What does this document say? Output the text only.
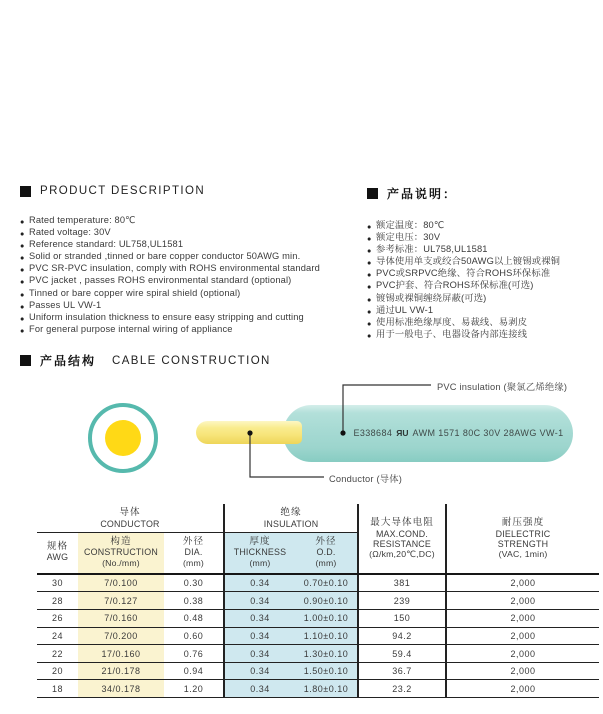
PRODUCT DESCRIPTION
● Rated temperature: 80℃
● Rated voltage: 30V
● Reference standard: UL758,UL1581
● Solid or stranded ,tinned or bare copper conductor 50AWG min.
● PVC SR-PVC insulation, comply with ROHS environmental standard
● PVC jacket , passes ROHS environmental standard (optional)
● Tinned or bare copper wire spiral shield (optional)
● Passes UL VW-1
● Uniform insulation thickness to ensure easy stripping and cutting
● For general purpose internal wiring of appliance
产品说明：
● 额定温度：80℃
● 额定电压：30V
● 参考标准：UL758,UL1581
● 导体使用单支或绞合50AWG以上镀锡或裸铜
● PVC或SRPVC绝缘、符合ROHS环保标准
● PVC护套、符合ROHS环保标准(可选)
● 镀锡或裸铜缠绕屏蔽(可选)
● 通过UL VW-1
● 使用标准绝缘厚度、易裁线、易剥皮
● 用于一般电子、电器设备内部连接线
产品结构 CABLE CONSTRUCTION
E338684 ЯU AWM 1571 80C 30V 28AWG VW-1
PVC insulation (聚氯乙烯绝缘)
Conductor (导体)
导体
CONDUCTOR

绝缘
INSULATION	最大导体电阻
MAX.COND.
RESISTANCE
(Ω/km,20℃,DC)

耐压强度
DIELECTRIC
STRENGTH
(VAC, 1min)

规格
AWG

构造
CONSTRUCTION
(No./mm)

外径
DIA.
(mm)

厚度
THICKNESS
(mm)

外径
O.D.
(mm)

30	7/0.100	0.30	0.34	0.70±0.10	381	2,000
28	7/0.127	0.38	0.34	0.90±0.10	239	2,000
26	7/0.160	0.48	0.34	1.00±0.10	150	2,000
24	7/0.200	0.60	0.34	1.10±0.10	94.2	2,000
22	17/0.160	0.76	0.34	1.30±0.10	59.4	2,000
20	21/0.178	0.94	0.34	1.50±0.10	36.7	2,000
18	34/0.178	1.20	0.34	1.80±0.10	23.2	2,000
